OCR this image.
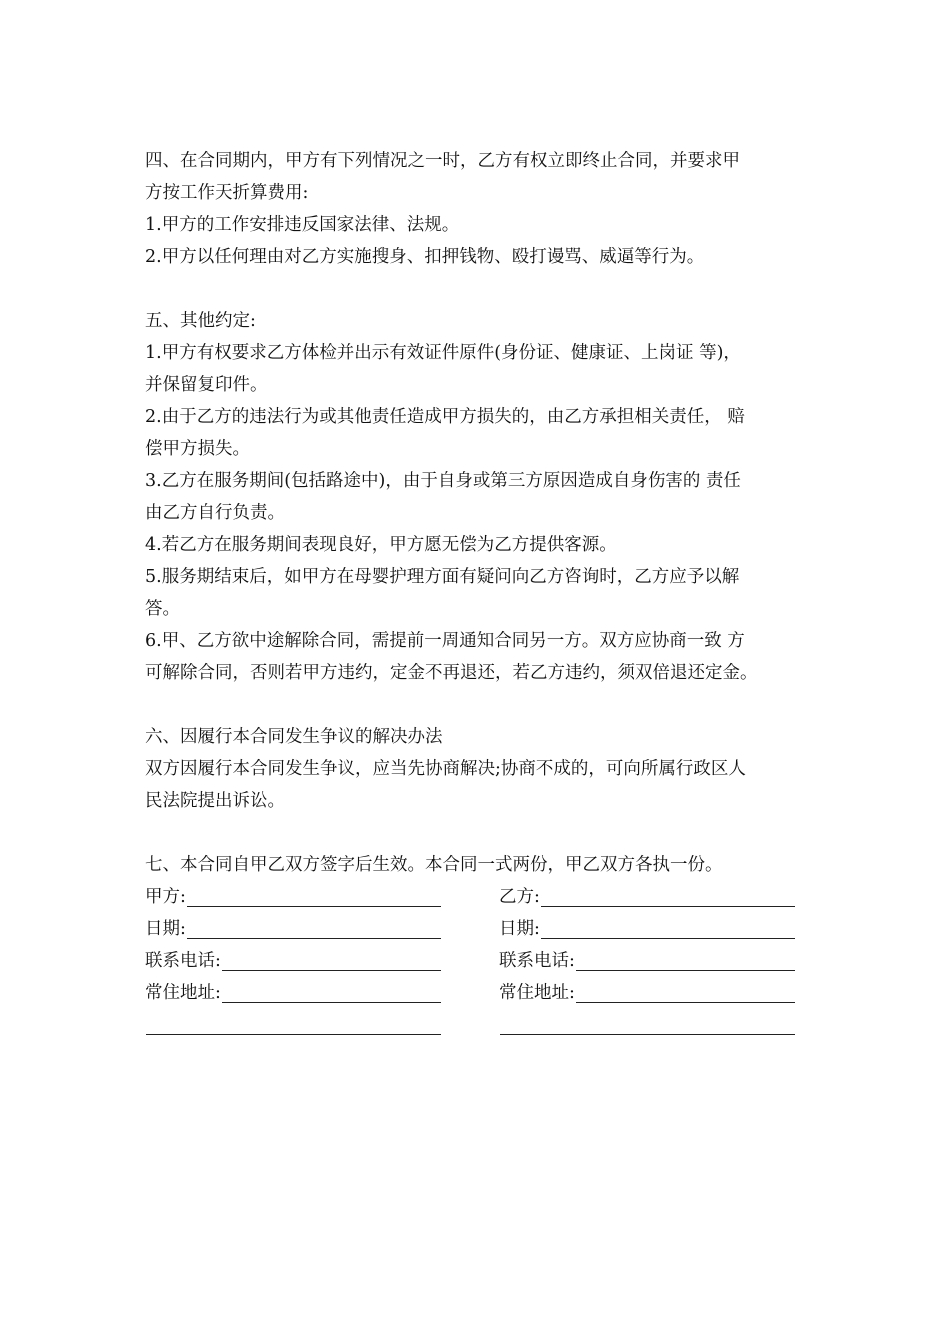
四、在合同期内，甲方有下列情况之一时，乙方有权立即终止合同，并要求甲
方按工作天折算费用:
1.甲方的工作安排违反国家法律、法规。
2.甲方以任何理由对乙方实施搜身、扣押钱物、殴打谩骂、威逼等行为。
五、其他约定:
1.甲方有权要求乙方体检并出示有效证件原件(身份证、健康证、上岗证 等)，
并保留复印件。
2.由于乙方的违法行为或其他责任造成甲方损失的，由乙方承担相关责任， 赔
偿甲方损失。
3.乙方在服务期间(包括路途中)，由于自身或第三方原因造成自身伤害的 责任
由乙方自行负责。
4.若乙方在服务期间表现良好，甲方愿无偿为乙方提供客源。
5.服务期结束后，如甲方在母婴护理方面有疑问向乙方咨询时，乙方应予以解
答。
6.甲、乙方欲中途解除合同，需提前一周通知合同另一方。双方应协商一致 方
可解除合同，否则若甲方违约，定金不再退还，若乙方违约，须双倍退还定金。
六、因履行本合同发生争议的解决办法
双方因履行本合同发生争议，应当先协商解决;协商不成的，可向所属行政区人
民法院提出诉讼。
七、本合同自甲乙双方签字后生效。本合同一式两份，甲乙双方各执一份。
甲方:	乙方:
日期:	日期:
联系电话:	联系电话:
常住地址:	常住地址:
